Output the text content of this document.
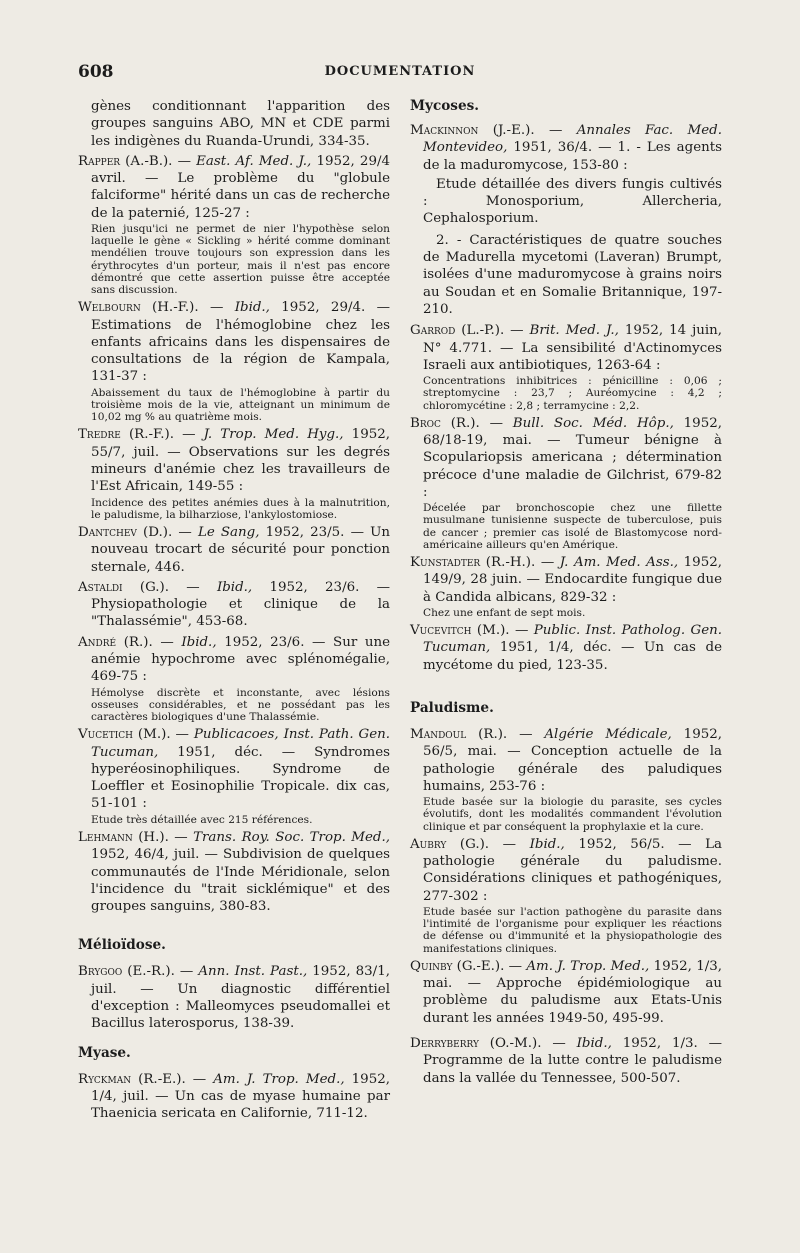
608	DOCUMENTATION
gènes conditionnant l'apparition des groupes sanguins ABO, MN et CDE parmi les indigènes du Ruanda-Urundi, 334-35.
Rapper (A.-B.). — East. Af. Med. J., 1952, 29/4 avril. — Le problème du "globule falciforme" hérité dans un cas de recherche de la paternié, 125-27 :
Rien jusqu'ici ne permet de nier l'hypothèse selon laquelle le gène « Sickling » hérité comme dominant mendélien trouve toujours son expression dans les érythrocytes d'un porteur, mais il n'est pas encore démontré que cette assertion puisse être acceptée sans discussion.
Welbourn (H.-F.). — Ibid., 1952, 29/4. — Estimations de l'hémoglobine chez les enfants africains dans les dispensaires de consultations de la région de Kampala, 131-37 :
Abaissement du taux de l'hémoglobine à partir du troisième mois de la vie, atteignant un minimum de 10,02 mg % au quatrième mois.
Tredre (R.-F.). — J. Trop. Med. Hyg., 1952, 55/7, juil. — Observations sur les degrés mineurs d'anémie chez les travailleurs de l'Est Africain, 149-55 :
Incidence des petites anémies dues à la malnutrition, le paludisme, la bilharziose, l'ankylostomiose.
Dantchev (D.). — Le Sang, 1952, 23/5. — Un nouveau trocart de sécurité pour ponction sternale, 446.
Astaldi (G.). — Ibid., 1952, 23/6. — Physiopathologie et clinique de la "Thalassémie", 453-68.
André (R.). — Ibid., 1952, 23/6. — Sur une anémie hypochrome avec splénomégalie, 469-75 :
Hémolyse discrète et inconstante, avec lésions osseuses considérables, et ne possédant pas les caractères biologiques d'une Thalassémie.
Vucetich (M.). — Publicacoes, Inst. Path. Gen. Tucuman, 1951, déc. — Syndromes hyperéosinophiliques. Syndrome de Loeffler et Eosinophilie Tropicale. dix cas, 51-101 :
Etude très détaillée avec 215 références.
Lehmann (H.). — Trans. Roy. Soc. Trop. Med., 1952, 46/4, juil. — Subdivision de quelques communautés de l'Inde Méridionale, selon l'incidence du "trait sicklémique" et des groupes sanguins, 380-83.
Mélioïdose.
Brygoo (E.-R.). — Ann. Inst. Past., 1952, 83/1, juil. — Un diagnostic différentiel d'exception : Malleomyces pseudomallei et Bacillus laterosporus, 138-39.
Myase.
Ryckman (R.-E.). — Am. J. Trop. Med., 1952, 1/4, juil. — Un cas de myase humaine par Thaenicia sericata en Californie, 711-12.
Mycoses.
Mackinnon (J.-E.). — Annales Fac. Med. Montevideo, 1951, 36/4. — 1. - Les agents de la maduromycose, 153-80 :
Etude détaillée des divers fungis cultivés : Monosporium, Allercheria, Cephalosporium.
2. - Caractéristiques de quatre souches de Madurella mycetomi (Laveran) Brumpt, isolées d'une maduromycose à grains noirs au Soudan et en Somalie Britannique, 197-210.
Garrod (L.-P.). — Brit. Med. J., 1952, 14 juin, N° 4.771. — La sensibilité d'Actinomyces Israeli aux antibiotiques, 1263-64 :
Concentrations inhibitrices : pénicilline : 0,06 ; streptomycine : 23,7 ; Auréomycine : 4,2 ; chloromycétine : 2,8 ; terramycine : 2,2.
Broc (R.). — Bull. Soc. Méd. Hôp., 1952, 68/18-19, mai. — Tumeur bénigne à Scopulariopsis americana ; détermination précoce d'une maladie de Gilchrist, 679-82 :
Décelée par bronchoscopie chez une fillette musulmane tunisienne suspecte de tuberculose, puis de cancer ; premier cas isolé de Blastomycose nord-américaine ailleurs qu'en Amérique.
Kunstadter (R.-H.). — J. Am. Med. Ass., 1952, 149/9, 28 juin. — Endocardite fungique due à Candida albicans, 829-32 :
Chez une enfant de sept mois.
Vucevitch (M.). — Public. Inst. Patholog. Gen. Tucuman, 1951, 1/4, déc. — Un cas de mycétome du pied, 123-35.
Paludisme.
Mandoul (R.). — Algérie Médicale, 1952, 56/5, mai. — Conception actuelle de la pathologie générale des paludiques humains, 253-76 :
Etude basée sur la biologie du parasite, ses cycles évolutifs, dont les modalités commandent l'évolution clinique et par conséquent la prophylaxie et la cure.
Aubry (G.). — Ibid., 1952, 56/5. — La pathologie générale du paludisme. Considérations cliniques et pathogéniques, 277-302 :
Etude basée sur l'action pathogène du parasite dans l'intimité de l'organisme pour expliquer les réactions de défense ou d'immunité et la physiopathologie des manifestations cliniques.
Quinby (G.-E.). — Am. J. Trop. Med., 1952, 1/3, mai. — Approche épidémiologique au problème du paludisme aux Etats-Unis durant les années 1949-50, 495-99.
Derryberry (O.-M.). — Ibid., 1952, 1/3. — Programme de la lutte contre le paludisme dans la vallée du Tennessee, 500-507.
